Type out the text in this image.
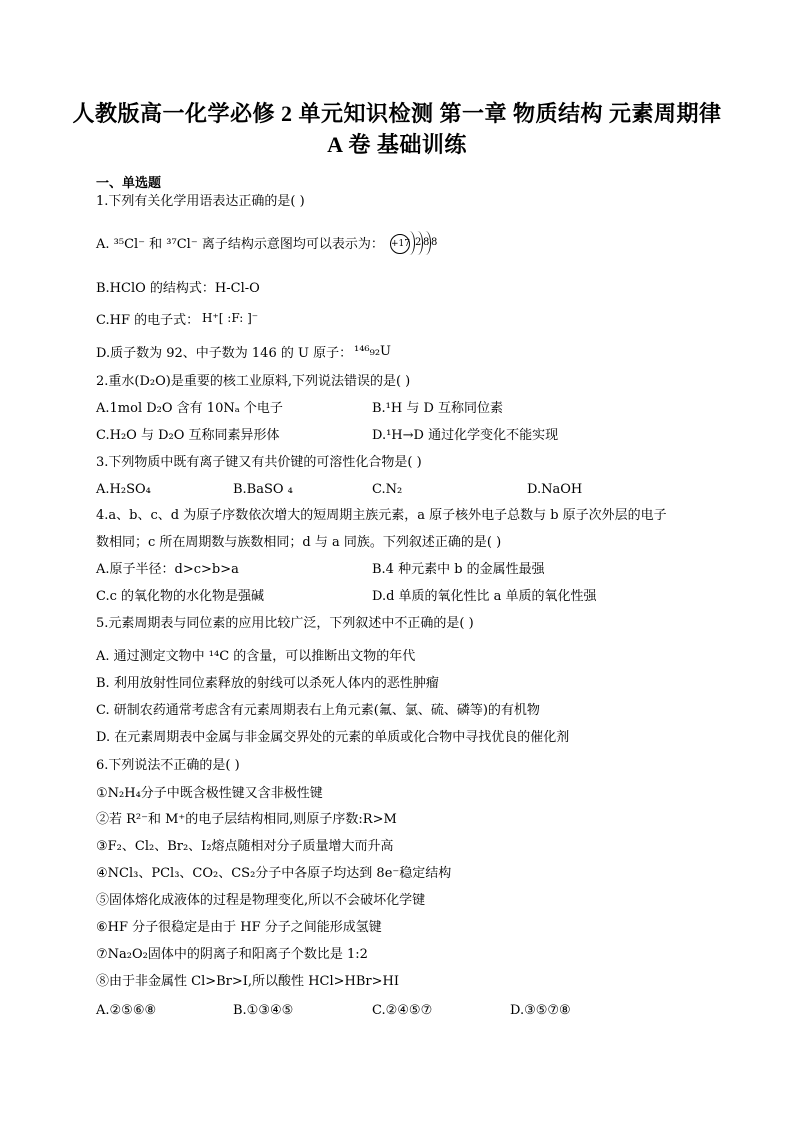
人教版高一化学必修 2 单元知识检测 第一章 物质结构 元素周期律
A 卷 基础训练
一、单选题
1.下列有关化学用语表达正确的是( )
A. ³⁵Cl⁻ 和 ³⁷Cl⁻ 离子结构示意图均可以表示为： +17 2 8 8
B.HClO 的结构式：H-Cl-O
C.HF 的电子式： H⁺[ :F: ]⁻
D.质子数为 92、中子数为 146 的 U 原子： ¹⁴⁶₉₂U
2.重水(D₂O)是重要的核工业原料,下列说法错误的是( )
A.1mol D₂O 含有 10Nₐ 个电子	B.¹H 与 D 互称同位素
C.H₂O 与 D₂O 互称同素异形体	D.¹H→D 通过化学变化不能实现
3.下列物质中既有离子键又有共价键的可溶性化合物是( )
A.H₂SO₄	B.BaSO ₄	C.N₂	D.NaOH
4.a、b、c、d 为原子序数依次增大的短周期主族元素，a 原子核外电子总数与 b 原子次外层的电子
数相同；c 所在周期数与族数相同；d 与 a 同族。下列叙述正确的是( )
A.原子半径：d>c>b>a	B.4 种元素中 b 的金属性最强
C.c 的氧化物的水化物是强碱	D.d 单质的氧化性比 a 单质的氧化性强
5.元素周期表与同位素的应用比较广泛，下列叙述中不正确的是( )
A. 通过测定文物中 ¹⁴C 的含量，可以推断出文物的年代
B. 利用放射性同位素释放的射线可以杀死人体内的恶性肿瘤
C. 研制农药通常考虑含有元素周期表右上角元素(氟、氯、硫、磷等)的有机物
D. 在元素周期表中金属与非金属交界处的元素的单质或化合物中寻找优良的催化剂
6.下列说法不正确的是( )
①N₂H₄分子中既含极性键又含非极性键
②若 R²⁻和 M⁺的电子层结构相同,则原子序数:R>M
③F₂、Cl₂、Br₂、I₂熔点随相对分子质量增大而升高
④NCl₃、PCl₃、CO₂、CS₂分子中各原子均达到 8e⁻稳定结构
⑤固体熔化成液体的过程是物理变化,所以不会破坏化学键
⑥HF 分子很稳定是由于 HF 分子之间能形成氢键
⑦Na₂O₂固体中的阴离子和阳离子个数比是 1:2
⑧由于非金属性 Cl>Br>I,所以酸性 HCl>HBr>HI
A.②⑤⑥⑧	B.①③④⑤	C.②④⑤⑦	D.③⑤⑦⑧
